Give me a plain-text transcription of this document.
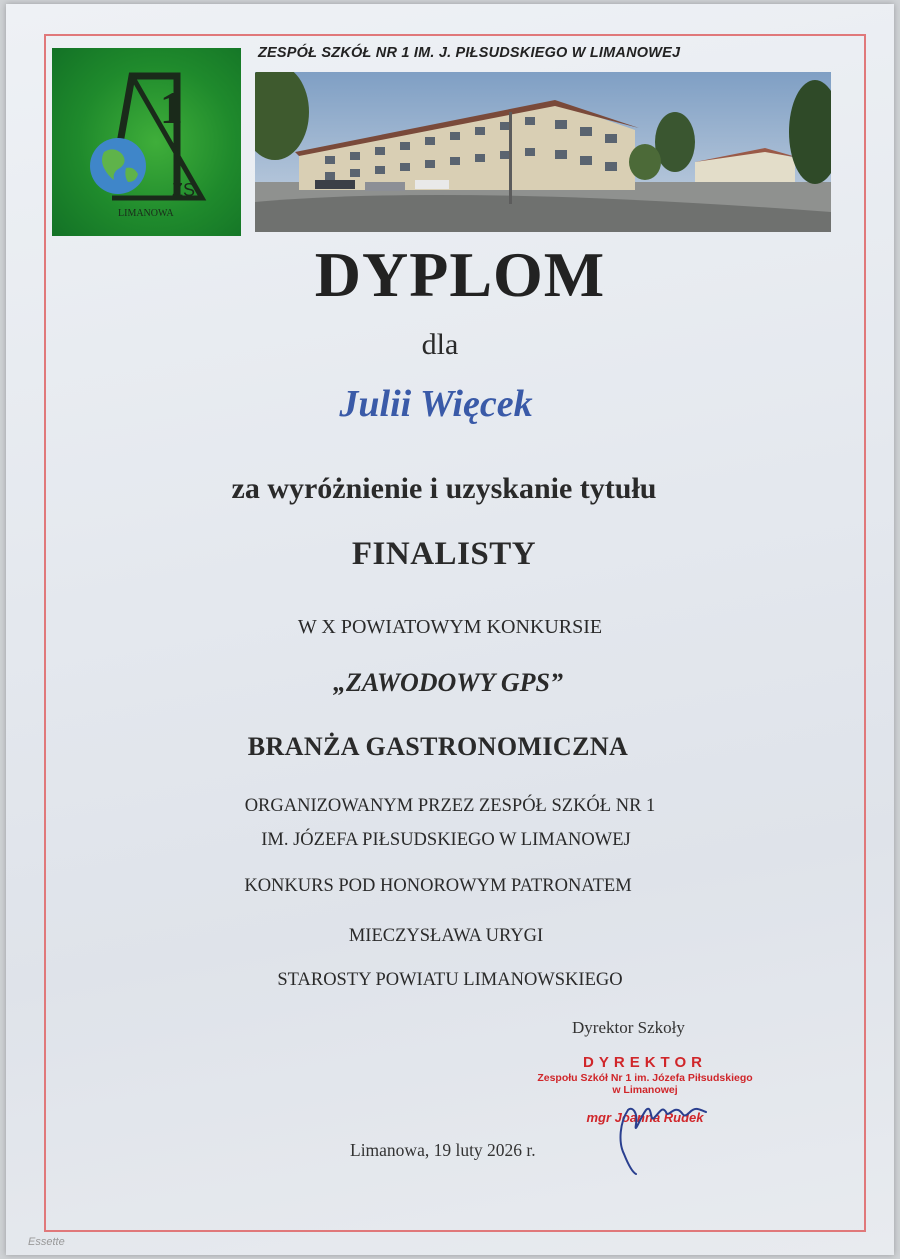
1
ZS
LIMANOWA
ZESPÓŁ SZKÓŁ NR 1 IM. J. PIŁSUDSKIEGO W LIMANOWEJ
DYPLOM
dla
Julii Więcek
za wyróżnienie i uzyskanie tytułu
FINALISTY
W X POWIATOWYM KONKURSIE
„ZAWODOWY GPS”
BRANŻA GASTRONOMICZNA
ORGANIZOWANYM PRZEZ ZESPÓŁ SZKÓŁ NR 1
IM. JÓZEFA PIŁSUDSKIEGO W LIMANOWEJ
KONKURS POD HONOROWYM PATRONATEM
MIECZYSŁAWA URYGI
STAROSTY POWIATU LIMANOWSKIEGO
Dyrektor Szkoły
DYREKTOR
Zespołu Szkół Nr 1 im. Józefa Piłsudskiego
w Limanowej
mgr Joanna Rudek
Limanowa, 19 luty 2026 r.
Essette
